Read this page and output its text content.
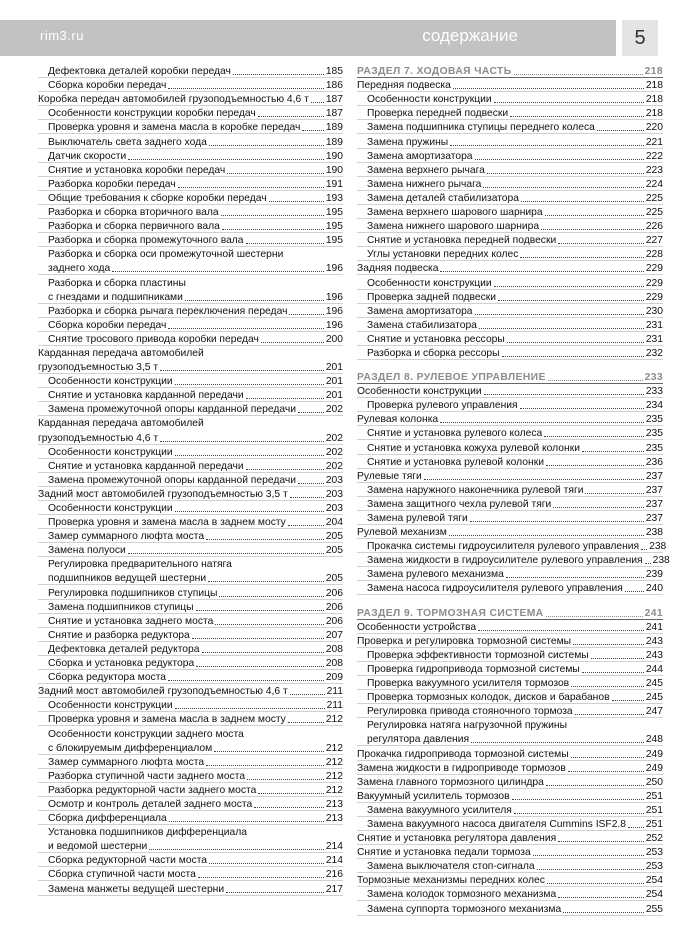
rim3.ru	содержание	5
Дефектовка деталей коробки передач	185
Сборка коробки передач	186
Коробка передач автомобилей грузоподъемностью 4,6 т 187
Особенности конструкции коробки передач	187
Проверка уровня и замена масла в коробке передач 189
Выключатель света заднего хода	189
Датчик скорости	190
Снятие и установка коробки передач	190
Разборка коробки передач	191
Общие требования к сборке коробки передач	193
Разборка и сборка вторичного вала	195
Разборка и сборка первичного вала	195
Разборка и сборка промежуточного вала	195
Разборка и сборка оси промежуточной шестерни
заднего хода	196
Разборка и сборка пластины
с гнездами и подшипниками	196
Разборка и сборка рычага переключения передач	196
Сборка коробки передач	196
Снятие тросового привода коробки передач	200
Карданная передача автомобилей
грузоподъемностью 3,5 т	201
Особенности конструкции	201
Снятие и установка карданной передачи	201
Замена промежуточной опоры карданной передачи	202
Карданная передача автомобилей
грузоподъемностью 4,6 т	202
Особенности конструкции	202
Снятие и установка карданной передачи	202
Замена промежуточной опоры карданной передачи	203
Задний мост автомобилей грузоподъемностью 3,5 т	203
Особенности конструкции	203
Проверка уровня и замена масла в заднем мосту	204
Замер суммарного люфта моста	205
Замена полуоси	205
Регулировка предварительного натяга
подшипников ведущей шестерни	205
Регулировка подшипников ступицы	206
Замена подшипников ступицы	206
Снятие и установка заднего моста	206
Снятие и разборка редуктора	207
Дефектовка деталей редуктора	208
Сборка и установка редуктора	208
Сборка редуктора моста	209
Задний мост автомобилей грузоподъемностью 4,6 т	211
Особенности конструкции	211
Проверка уровня и замена масла в заднем мосту	212
Особенности конструкции заднего моста
с блокируемым дифференциалом	212
Замер суммарного люфта моста	212
Разборка ступичной части заднего моста	212
Разборка редукторной части заднего моста	212
Осмотр и контроль деталей заднего моста	213
Сборка дифференциала	213
Установка подшипников дифференциала
и ведомой шестерни	214
Сборка редукторной части моста	214
Сборка ступичной части моста	216
Замена манжеты ведущей шестерни	217
РАЗДЕЛ 7. ХОДОВАЯ ЧАСТЬ	218
Передняя подвеска	218
Особенности конструкции	218
Проверка передней подвески	218
Замена подшипника ступицы переднего колеса	220
Замена пружины	221
Замена амортизатора	222
Замена верхнего рычага	223
Замена нижнего рычага	224
Замена деталей стабилизатора	225
Замена верхнего шарового шарнира	225
Замена нижнего шарового шарнира	226
Снятие и установка передней подвески	227
Углы установки передних колес	228
Задняя подвеска	229
Особенности конструкции	229
Проверка задней подвески	229
Замена амортизатора	230
Замена стабилизатора	231
Снятие и установка рессоры	231
Разборка и сборка рессоры	232
РАЗДЕЛ 8. РУЛЕВОЕ УПРАВЛЕНИЕ	233
Особенности конструкции	233
Проверка рулевого управления	234
Рулевая колонка	235
Снятие и установка рулевого колеса	235
Снятие и установка кожуха рулевой колонки	235
Снятие и установка рулевой колонки	236
Рулевые тяги	237
Замена наружного наконечника рулевой тяги	237
Замена защитного чехла рулевой тяги	237
Замена рулевой тяги	237
Рулевой механизм	238
Прокачка системы гидроусилителя рулевого управления 238
Замена жидкости в гидроусилителе рулевого управления 238
Замена рулевого механизма	239
Замена насоса гидроусилителя рулевого управления 240
РАЗДЕЛ 9. ТОРМОЗНАЯ СИСТЕМА	241
Особенности устройства	241
Проверка и регулировка тормозной системы	243
Проверка эффективности тормозной системы	243
Проверка гидропривода тормозной системы	244
Проверка вакуумного усилителя тормозов	245
Проверка тормозных колодок, дисков и барабанов	245
Регулировка привода стояночного тормоза	247
Регулировка натяга нагрузочной пружины
регулятора давления	248
Прокачка гидропривода тормозной системы	249
Замена жидкости в гидроприводе тормозов	249
Замена главного тормозного цилиндра	250
Вакуумный усилитель тормозов	251
Замена вакуумного усилителя	251
Замена вакуумного насоса двигателя Cummins ISF2.8 251
Снятие и установка регулятора давления	252
Снятие и установка педали тормоза	253
Замена выключателя стоп-сигнала	253
Тормозные механизмы передних колес	254
Замена колодок тормозного механизма	254
Замена суппорта тормозного механизма	255
